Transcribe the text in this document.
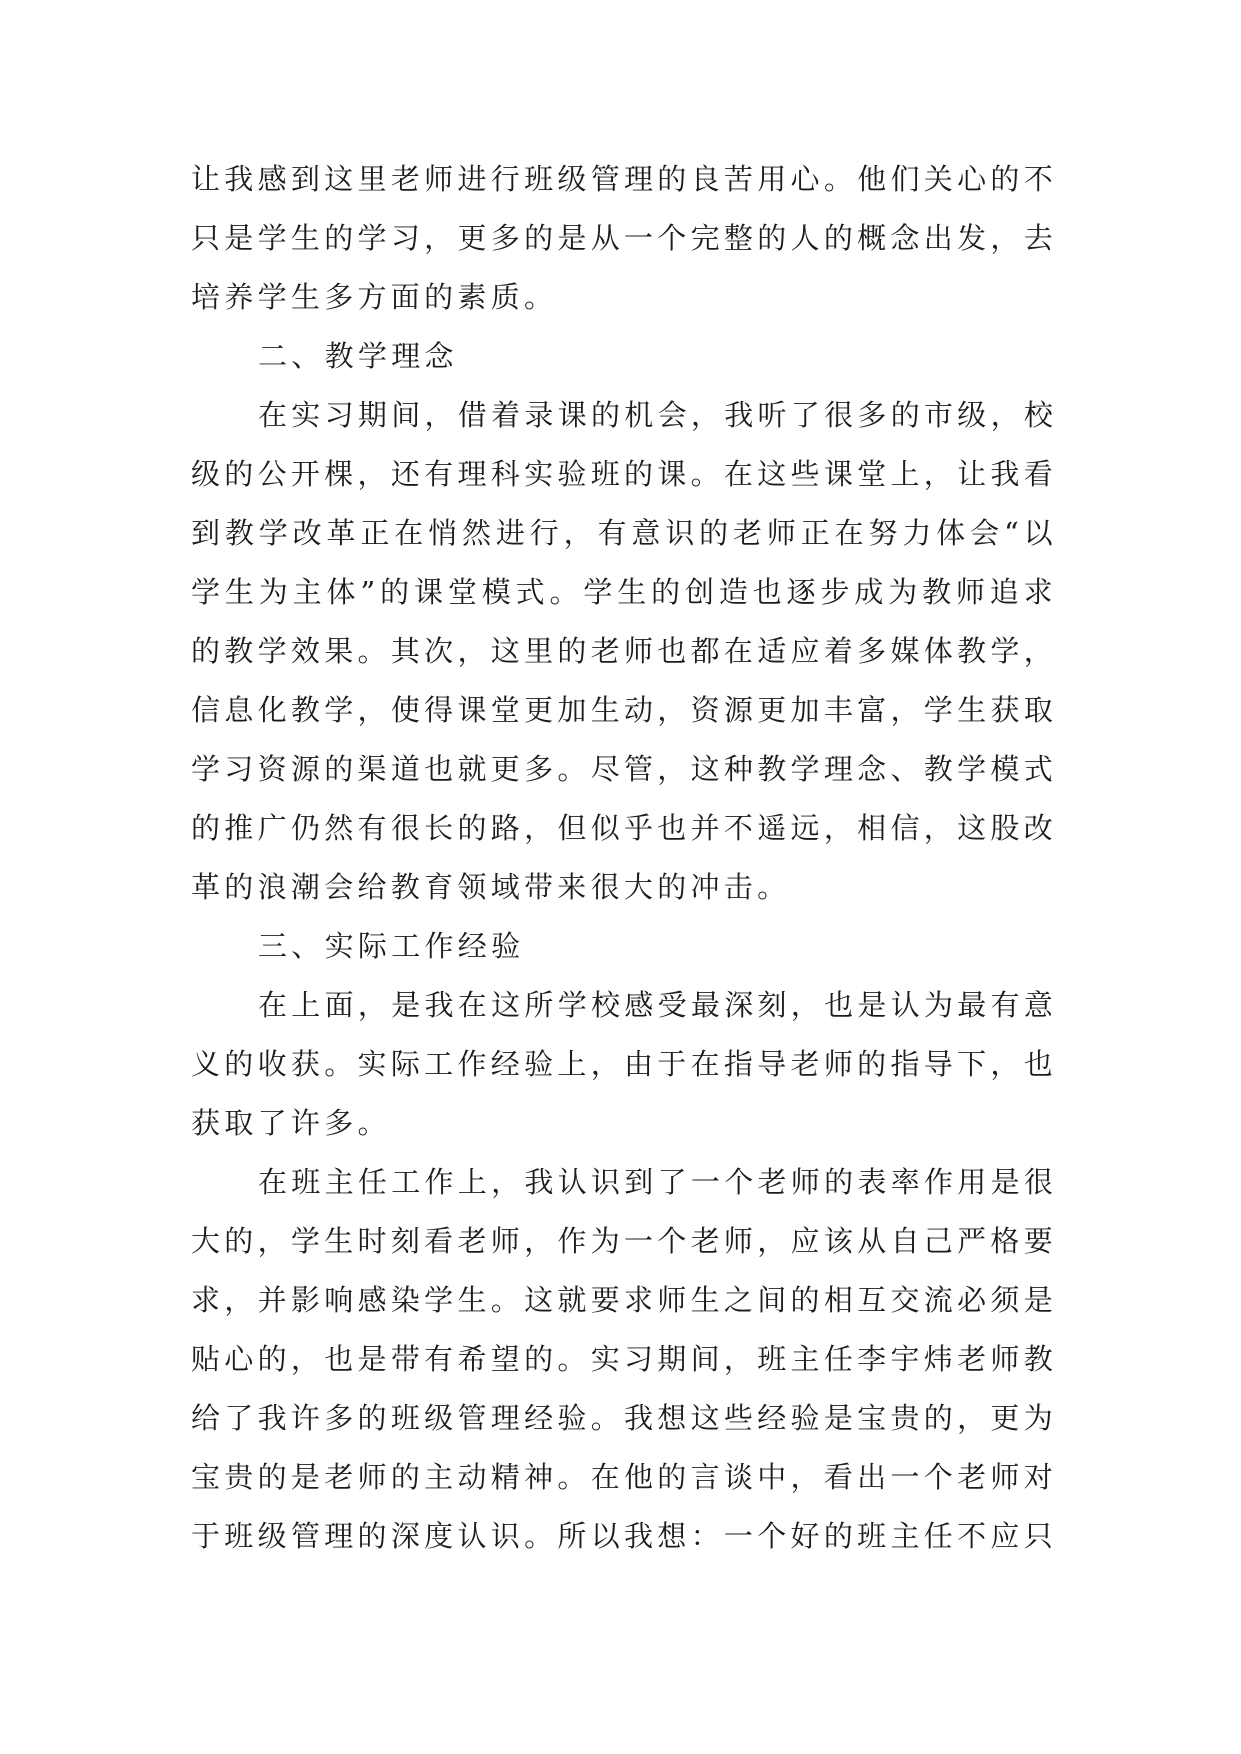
让我感到这里老师进行班级管理的良苦用心。他们关心的不
只是学生的学习，更多的是从一个完整的人的概念出发，去
培养学生多方面的素质。
二、教学理念
在实习期间，借着录课的机会，我听了很多的市级，校
级的公开棵，还有理科实验班的课。在这些课堂上，让我看
到教学改革正在悄然进行，有意识的老师正在努力体会“以
学生为主体”的课堂模式。学生的创造也逐步成为教师追求
的教学效果。其次，这里的老师也都在适应着多媒体教学，
信息化教学，使得课堂更加生动，资源更加丰富，学生获取
学习资源的渠道也就更多。尽管，这种教学理念、教学模式
的推广仍然有很长的路，但似乎也并不遥远，相信，这股改
革的浪潮会给教育领域带来很大的冲击。
三、实际工作经验
在上面，是我在这所学校感受最深刻，也是认为最有意
义的收获。实际工作经验上，由于在指导老师的指导下，也
获取了许多。
在班主任工作上，我认识到了一个老师的表率作用是很
大的，学生时刻看老师，作为一个老师，应该从自己严格要
求，并影响感染学生。这就要求师生之间的相互交流必须是
贴心的，也是带有希望的。实习期间，班主任李宇炜老师教
给了我许多的班级管理经验。我想这些经验是宝贵的，更为
宝贵的是老师的主动精神。在他的言谈中，看出一个老师对
于班级管理的深度认识。所以我想：一个好的班主任不应只
